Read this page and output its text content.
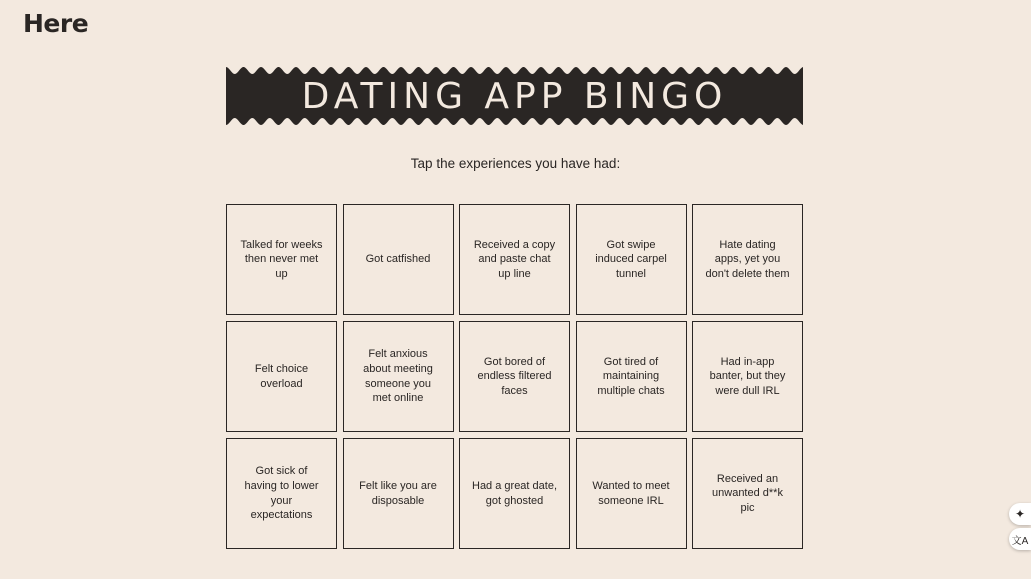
Here
DATING APP BINGO
Tap the experiences you have had:
Talked for weeks then never met up
Got catfished
Received a copy and paste chat up line
Got swipe induced carpel tunnel
Hate dating apps, yet you don't delete them
Felt choice overload
Felt anxious about meeting someone you met online
Got bored of endless filtered faces
Got tired of maintaining multiple chats
Had in-app banter, but they were dull IRL
Got sick of having to lower your expectations
Felt like you are disposable
Had a great date, got ghosted
Wanted to meet someone IRL
Received an unwanted d**k pic	✦
文A
